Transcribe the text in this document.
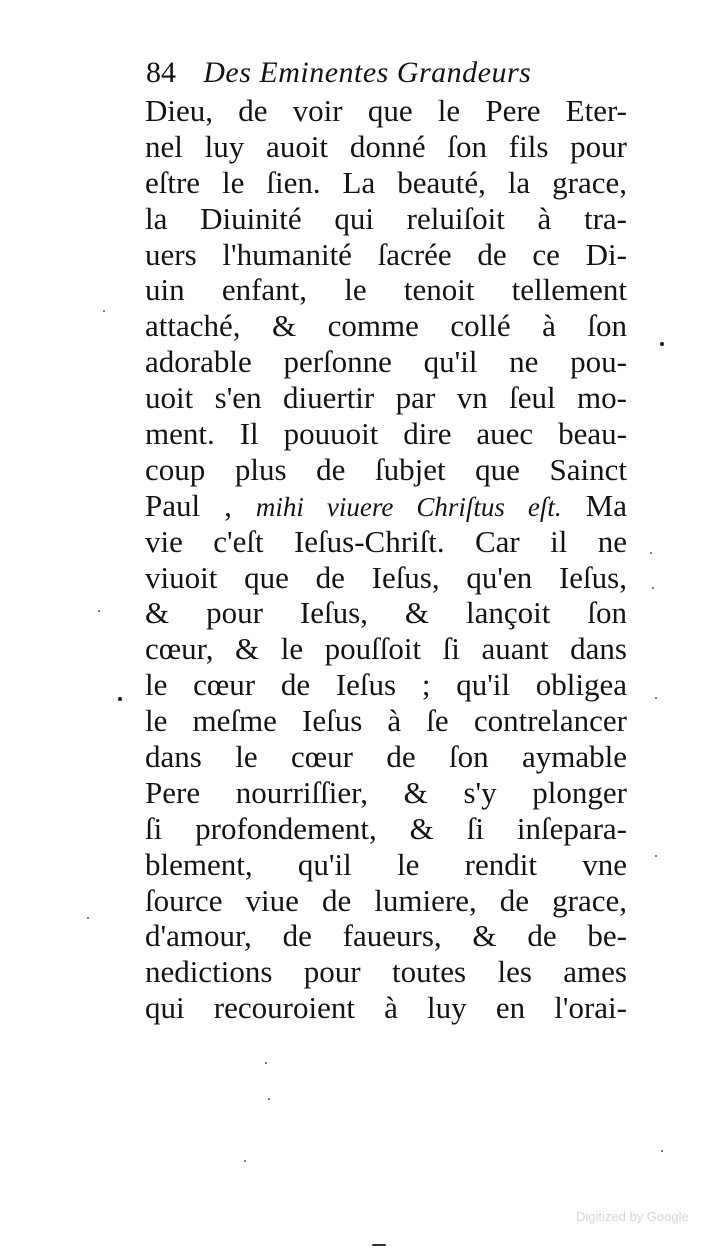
84 Des Eminentes Grandeurs
Dieu, de voir que le Pere Eter-
nel luy auoit donné ſon fils pour
eſtre le ſien. La beauté, la grace,
la Diuinité qui reluiſoit à tra-
uers l'humanité ſacrée de ce Di-
uin enfant, le tenoit tellement
attaché, & comme collé à ſon
adorable perſonne qu'il ne pou-
uoit s'en diuertir par vn ſeul mo-
ment. Il pouuoit dire auec beau-
coup plus de ſubjet que Sainct
Paul , mihi viuere Chriſtus eſt. Ma
vie c'eſt Ieſus-Chriſt. Car il ne
viuoit que de Ieſus, qu'en Ieſus,
& pour Ieſus, & lançoit ſon
cœur, & le pouſſoit ſi auant dans
le cœur de Ieſus ; qu'il obligea
le meſme Ieſus à ſe contrelancer
dans le cœur de ſon aymable
Pere nourriſſier, & s'y plonger
ſi profondement, & ſi inſepara-
blement, qu'il le rendit vne
ſource viue de lumiere, de grace,
d'amour, de faueurs, & de be-
nedictions pour toutes les ames
qui recouroient à luy en l'orai-
Digitized by Google
